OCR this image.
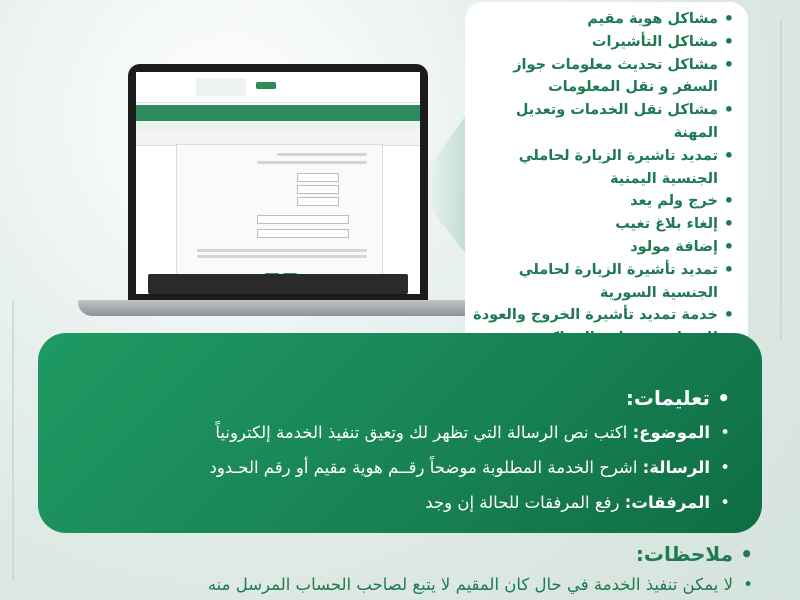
• مشاكل هوية مقيم
• مشاكل التأشيرات
• مشاكل تحديث معلومات جواز السفر و نقل المعلومات
• مشاكل نقل الخدمات وتعديل المهنة
• تمديد تاشيرة الزيارة لحاملي الجنسية اليمنية
• خرج ولم يعد
• إلغاء بلاغ تغيب
• إضافة مولود
• تمديد تأشيرة الزيارة لحاملي الجنسية السورية
• خدمة تمديد تأشيرة الخروج والعودة
•
تعليمات:
•
الموضوع: اكتب نص الرسالة التي تظهر لك وتعيق تنفيذ الخدمة إلكترونياً
•
الرسالة: اشرح الخدمة المطلوبة موضحاً رقــم هوية مقيم أو رقم الحـدود
•
المرفقات: رفع المرفقات للحالة إن وجد
•
ملاحظات:
•
لا يمكن تنفيذ الخدمة في حال كان المقيم لا يتبع لصاحب الحساب المرسل منه
